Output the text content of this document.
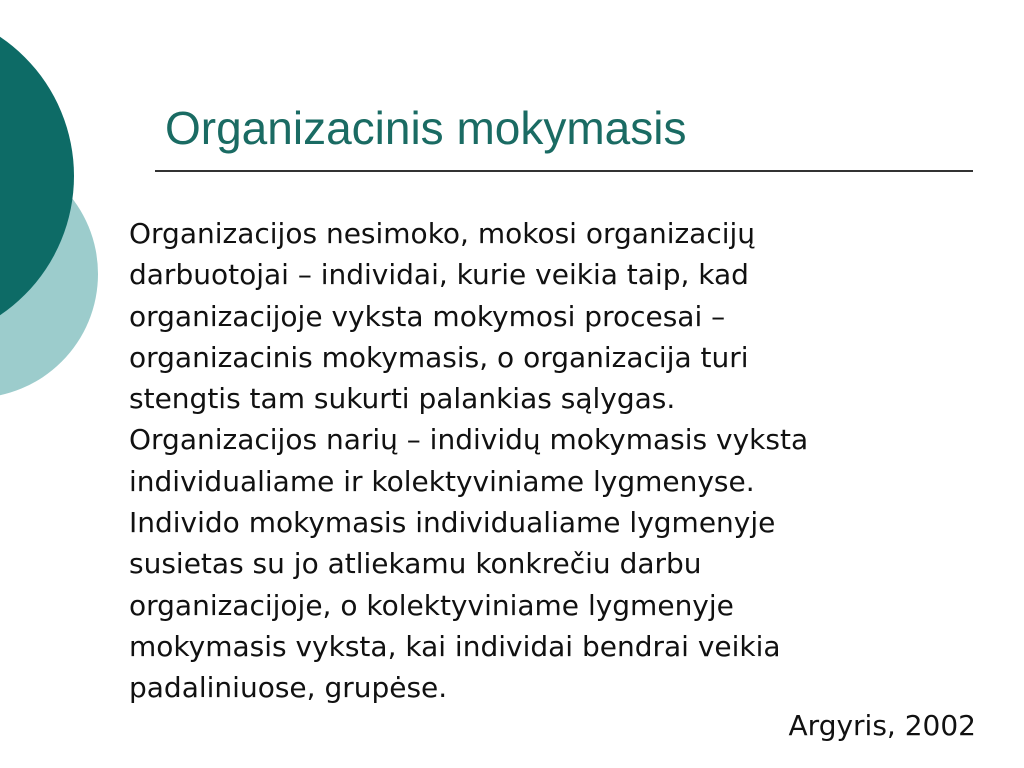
Organizacinis mokymasis

Organizacijos nesimoko, mokosi organizacijų
darbuotojai – individai, kurie veikia taip, kad
organizacijoje vyksta mokymosi procesai –
organizacinis mokymasis, o organizacija turi
stengtis tam sukurti palankias sąlygas.
Organizacijos narių – individų mokymasis vyksta
individualiame ir kolektyviniame lygmenyse.
Individo mokymasis individualiame lygmenyje
susietas su jo atliekamu konkrečiu darbu
organizacijoje, o kolektyviniame lygmenyje
mokymasis vyksta, kai individai bendrai veikia
padaliniuose, grupėse.

Argyris, 2002
